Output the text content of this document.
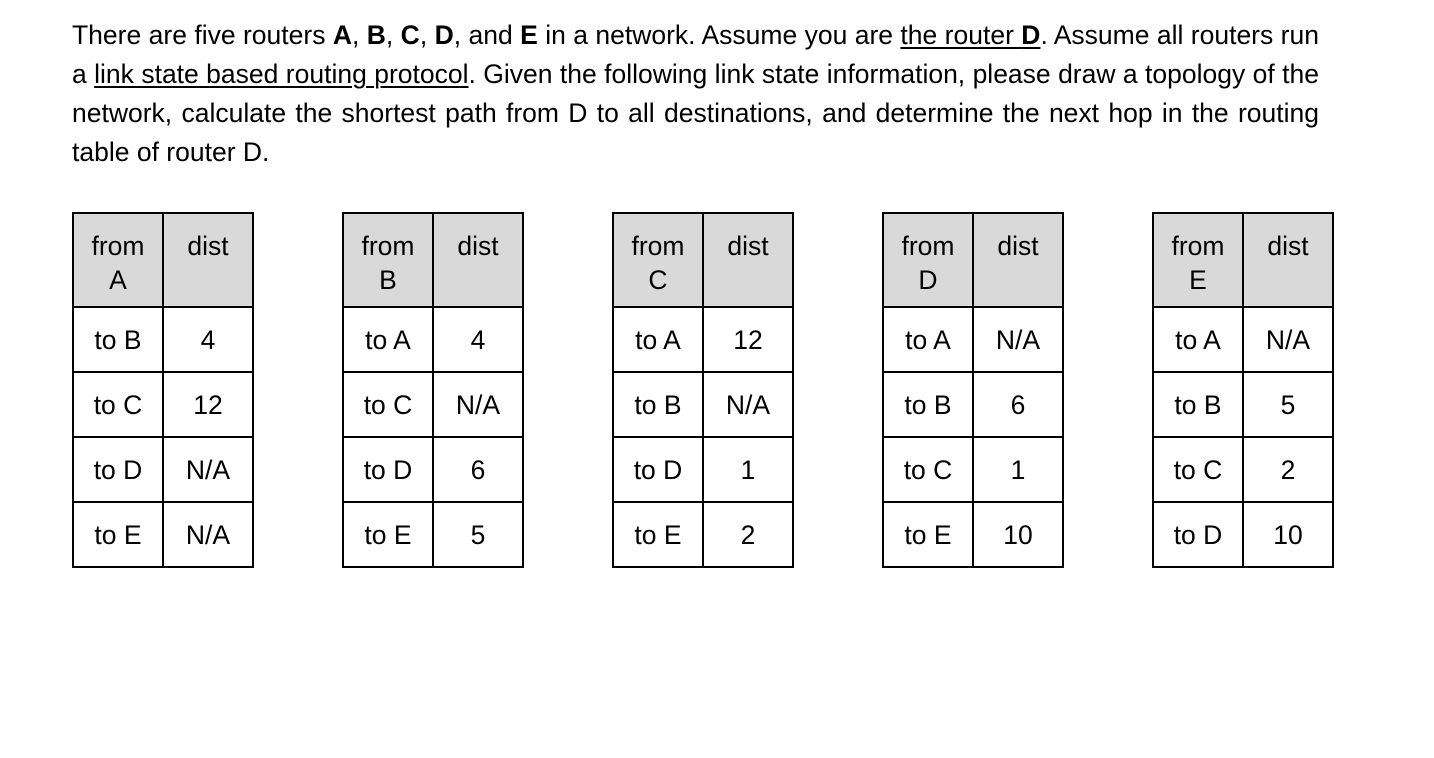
There are five routers A, B, C, D, and E in a network. Assume you are the router D. Assume all routers run a link state based routing protocol. Given the following link state information, please draw a topology of the network, calculate the shortest path from D to all destinations, and determine the next hop in the routing table of router D.

from
A	dist
to B	4
to C	12
to D	N/A
to E	N/A
from
B	dist
to A	4
to C	N/A
to D	6
to E	5
from
C	dist
to A	12
to B	N/A
to D	1
to E	2
from
D	dist
to A	N/A
to B	6
to C	1
to E	10
from
E	dist
to A	N/A
to B	5
to C	2
to D	10
